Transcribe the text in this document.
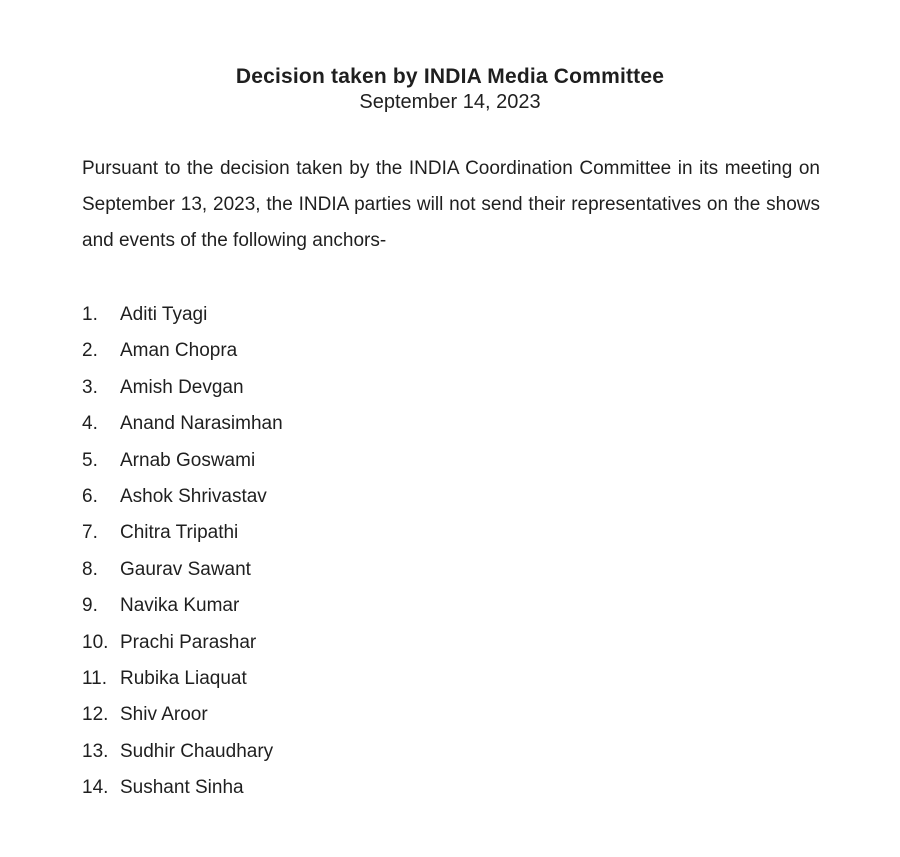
Decision taken by INDIA Media Committee
September 14, 2023

Pursuant to the decision taken by the INDIA Coordination Committee in its meeting on September 13, 2023, the INDIA parties will not send their representatives on the shows and events of the following anchors-

1.	Aditi Tyagi
2.	Aman Chopra
3.	Amish Devgan
4.	Anand Narasimhan
5.	Arnab Goswami
6.	Ashok Shrivastav
7.	Chitra Tripathi
8.	Gaurav Sawant
9.	Navika Kumar
10. Prachi Parashar
11. Rubika Liaquat
12. Shiv Aroor
13. Sudhir Chaudhary
14. Sushant Sinha
